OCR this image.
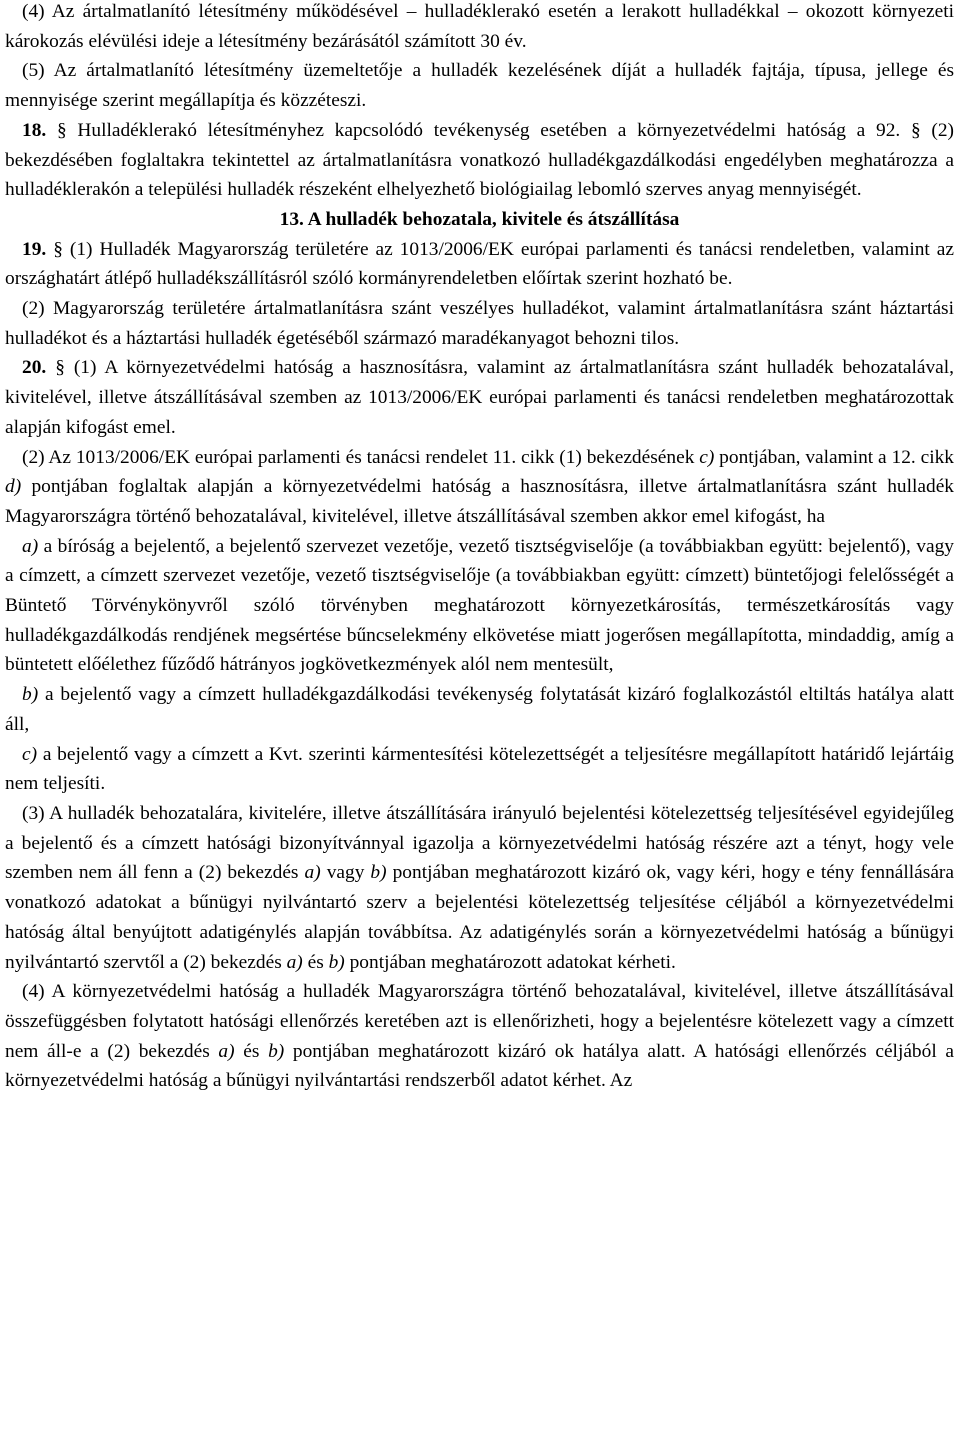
(4) Az ártalmatlanító létesítmény működésével – hulladéklerakó esetén a lerakott hulladékkal – okozott környezeti károkozás elévülési ideje a létesítmény bezárásától számított 30 év.

(5) Az ártalmatlanító létesítmény üzemeltetője a hulladék kezelésének díját a hulladék fajtája, típusa, jellege és mennyisége szerint megállapítja és közzéteszi.

18. § Hulladéklerakó létesítményhez kapcsolódó tevékenység esetében a környezetvédelmi hatóság a 92. § (2) bekezdésében foglaltakra tekintettel az ártalmatlanításra vonatkozó hulladékgazdálkodási engedélyben meghatározza a hulladéklerakón a települési hulladék részeként elhelyezhető biológiailag lebomló szerves anyag mennyiségét.

13. A hulladék behozatala, kivitele és átszállítása

19. § (1) Hulladék Magyarország területére az 1013/2006/EK európai parlamenti és tanácsi rendeletben, valamint az országhatárt átlépő hulladékszállításról szóló kormányrendeletben előírtak szerint hozható be.

(2) Magyarország területére ártalmatlanításra szánt veszélyes hulladékot, valamint ártalmatlanításra szánt háztartási hulladékot és a háztartási hulladék égetéséből származó maradékanyagot behozni tilos.

20. § (1) A környezetvédelmi hatóság a hasznosításra, valamint az ártalmatlanításra szánt hulladék behozatalával, kivitelével, illetve átszállításával szemben az 1013/2006/EK európai parlamenti és tanácsi rendeletben meghatározottak alapján kifogást emel.

(2) Az 1013/2006/EK európai parlamenti és tanácsi rendelet 11. cikk (1) bekezdésének c) pontjában, valamint a 12. cikk d) pontjában foglaltak alapján a környezetvédelmi hatóság a hasznosításra, illetve ártalmatlanításra szánt hulladék Magyarországra történő behozatalával, kivitelével, illetve átszállításával szemben akkor emel kifogást, ha

a) a bíróság a bejelentő, a bejelentő szervezet vezetője, vezető tisztségviselője (a továbbiakban együtt: bejelentő), vagy a címzett, a címzett szervezet vezetője, vezető tisztségviselője (a továbbiakban együtt: címzett) büntetőjogi felelősségét a Büntető Törvénykönyvről szóló törvényben meghatározott környezetkárosítás, természetkárosítás vagy hulladékgazdálkodás rendjének megsértése bűncselekmény elkövetése miatt jogerősen megállapította, mindaddig, amíg a büntetett előélethez fűződő hátrányos jogkövetkezmények alól nem mentesült,

b) a bejelentő vagy a címzett hulladékgazdálkodási tevékenység folytatását kizáró foglalkozástól eltiltás hatálya alatt áll,

c) a bejelentő vagy a címzett a Kvt. szerinti kármentesítési kötelezettségét a teljesítésre megállapított határidő lejártáig nem teljesíti.

(3) A hulladék behozatalára, kivitelére, illetve átszállítására irányuló bejelentési kötelezettség teljesítésével egyidejűleg a bejelentő és a címzett hatósági bizonyítvánnyal igazolja a környezetvédelmi hatóság részére azt a tényt, hogy vele szemben nem áll fenn a (2) bekezdés a) vagy b) pontjában meghatározott kizáró ok, vagy kéri, hogy e tény fennállására vonatkozó adatokat a bűnügyi nyilvántartó szerv a bejelentési kötelezettség teljesítése céljából a környezetvédelmi hatóság által benyújtott adatigénylés alapján továbbítsa. Az adatigénylés során a környezetvédelmi hatóság a bűnügyi nyilvántartó szervtől a (2) bekezdés a) és b) pontjában meghatározott adatokat kérheti.

(4) A környezetvédelmi hatóság a hulladék Magyarországra történő behozatalával, kivitelével, illetve átszállításával összefüggésben folytatott hatósági ellenőrzés keretében azt is ellenőrizheti, hogy a bejelentésre kötelezett vagy a címzett nem áll-e a (2) bekezdés a) és b) pontjában meghatározott kizáró ok hatálya alatt. A hatósági ellenőrzés céljából a környezetvédelmi hatóság a bűnügyi nyilvántartási rendszerből adatot kérhet. Az
